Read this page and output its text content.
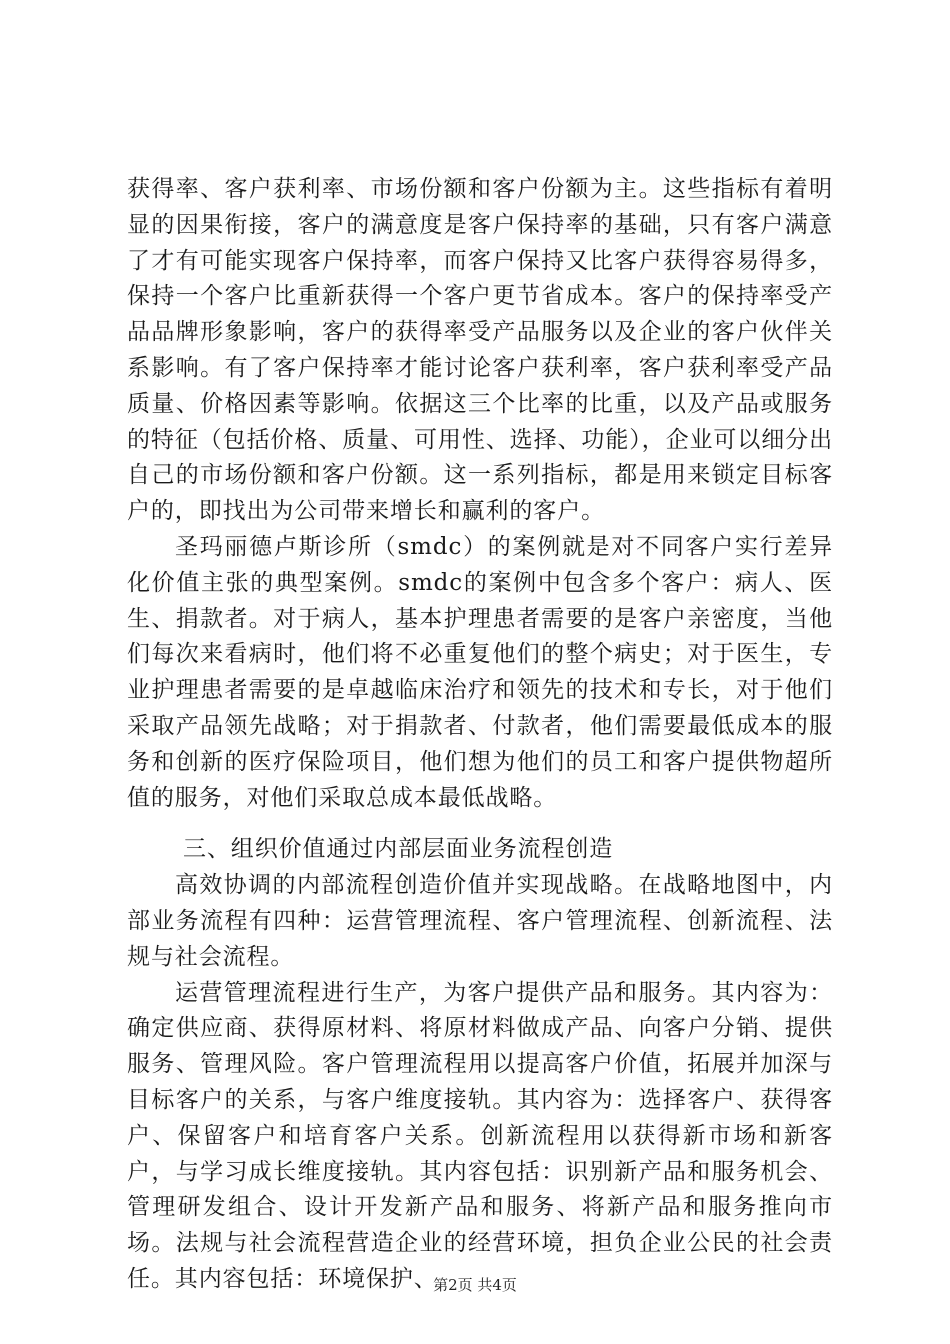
获得率、客户获利率、市场份额和客户份额为主。这些指标有着明显的因果衔接，客户的满意度是客户保持率的基础，只有客户满意了才有可能实现客户保持率，而客户保持又比客户获得容易得多，保持一个客户比重新获得一个客户更节省成本。客户的保持率受产品品牌形象影响，客户的获得率受产品服务以及企业的客户伙伴关系影响。有了客户保持率才能讨论客户获利率，客户获利率受产品质量、价格因素等影响。依据这三个比率的比重，以及产品或服务的特征（包括价格、质量、可用性、选择、功能），企业可以细分出自己的市场份额和客户份额。这一系列指标，都是用来锁定目标客户的，即找出为公司带来增长和赢利的客户。

圣玛丽德卢斯诊所（smdc）的案例就是对不同客户实行差异化价值主张的典型案例。smdc的案例中包含多个客户：病人、医生、捐款者。对于病人，基本护理患者需要的是客户亲密度，当他们每次来看病时，他们将不必重复他们的整个病史；对于医生，专业护理患者需要的是卓越临床治疗和领先的技术和专长，对于他们采取产品领先战略；对于捐款者、付款者，他们需要最低成本的服务和创新的医疗保险项目，他们想为他们的员工和客户提供物超所值的服务，对他们采取总成本最低战略。

三、组织价值通过内部层面业务流程创造

高效协调的内部流程创造价值并实现战略。在战略地图中，内部业务流程有四种：运营管理流程、客户管理流程、创新流程、法规与社会流程。

运营管理流程进行生产，为客户提供产品和服务。其内容为：确定供应商、获得原材料、将原材料做成产品、向客户分销、提供服务、管理风险。客户管理流程用以提高客户价值，拓展并加深与目标客户的关系，与客户维度接轨。其内容为：选择客户、获得客户、保留客户和培育客户关系。创新流程用以获得新市场和新客户，与学习成长维度接轨。其内容包括：识别新产品和服务机会、管理研发组合、设计开发新产品和服务、将新产品和服务推向市场。法规与社会流程营造企业的经营环境，担负企业公民的社会责任。其内容包括：环境保护、

第2页 共4页
